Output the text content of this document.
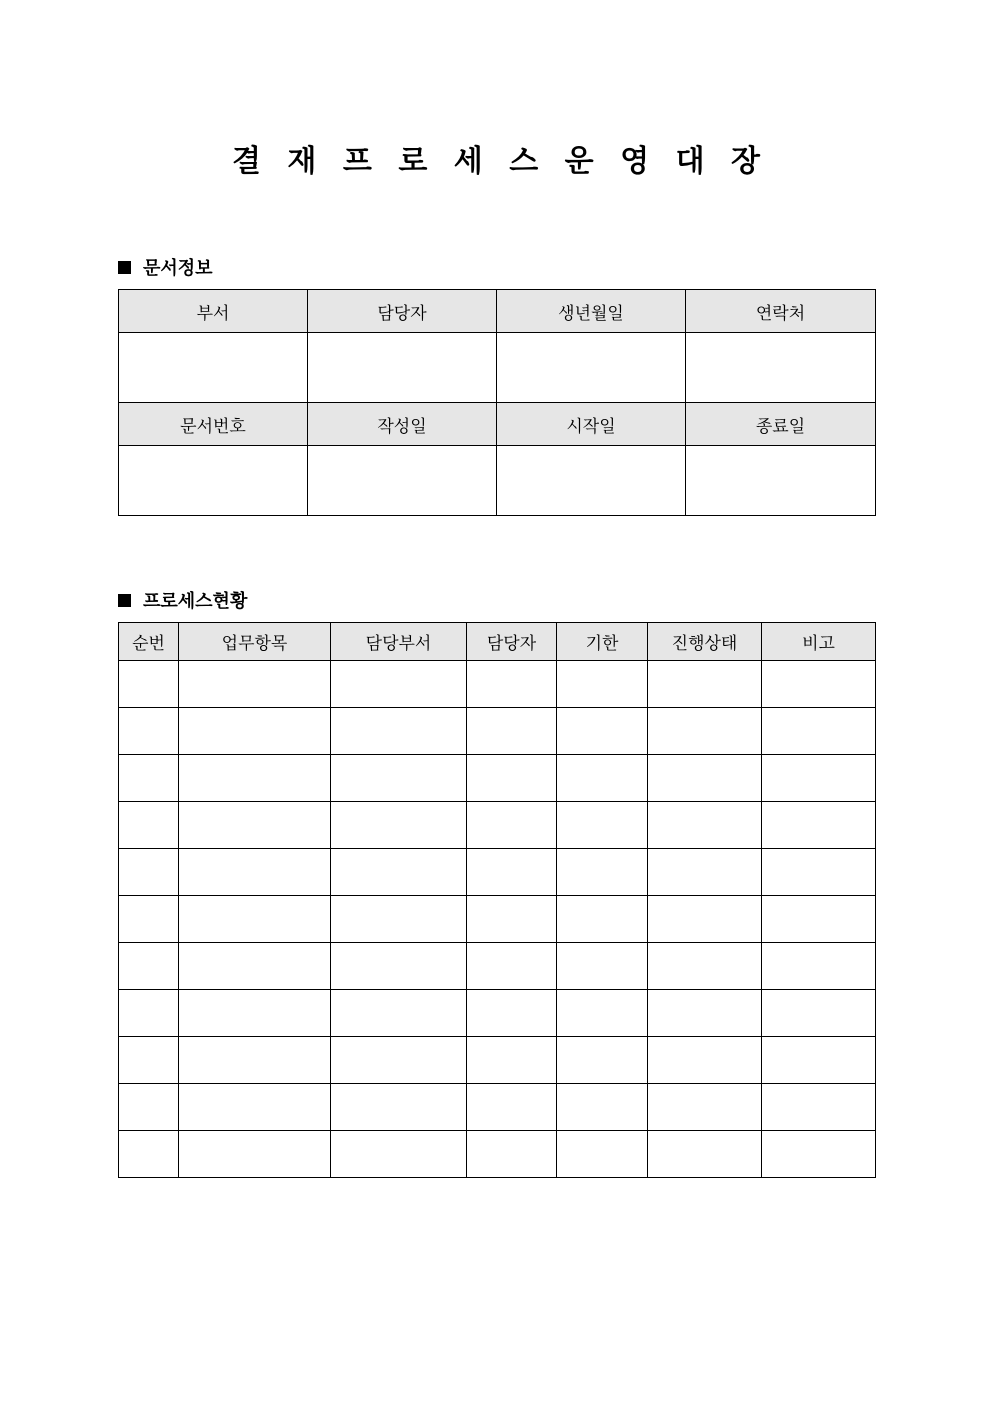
결 재 프 로 세 스 운 영 대 장
문서정보
부서	담당자	생년월일	연락처

문서번호	작성일	시작일	종료일

프로세스현황
순번	업무항목	담당부서	담당자	기한	진행상태	비고
